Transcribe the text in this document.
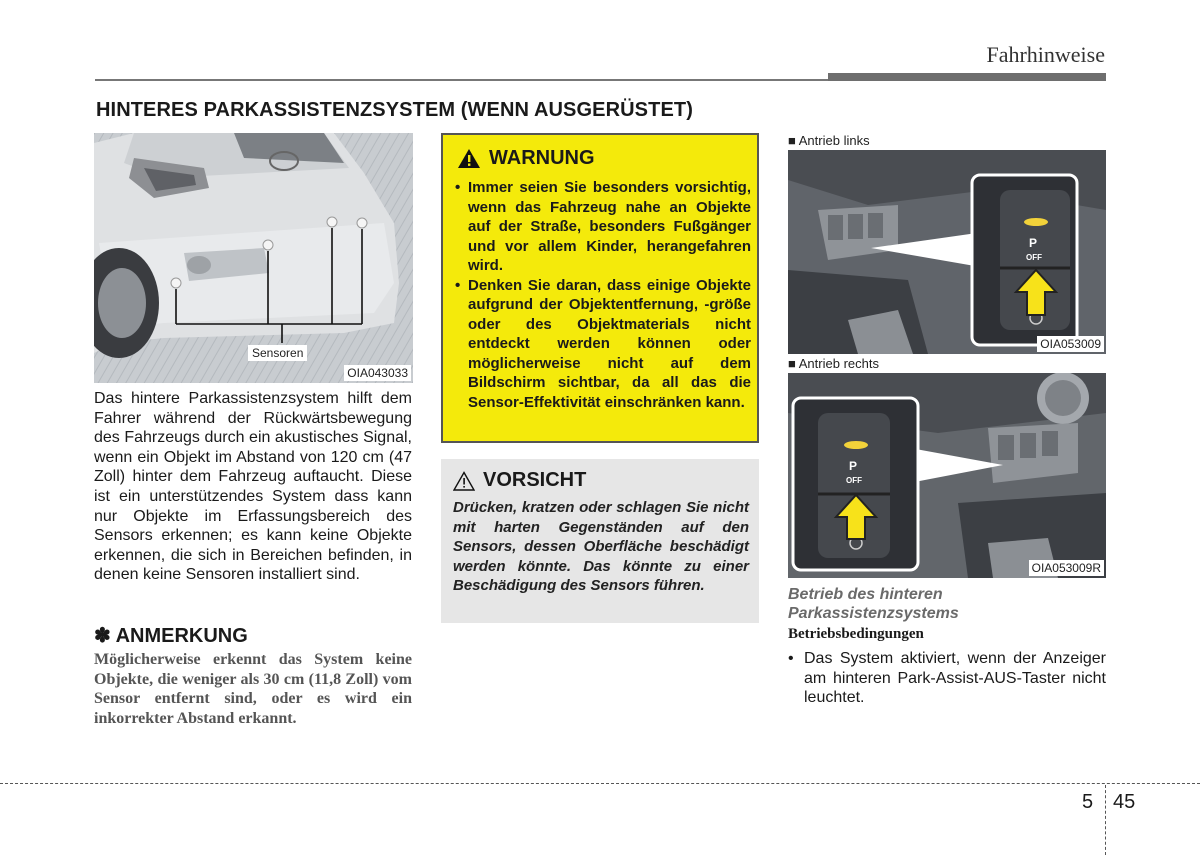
Fahrhinweise
HINTERES PARKASSISTENZSYSTEM (WENN AUSGERÜSTET)
Sensoren
OIA043033
Das hintere Parkassistenzsystem hilft dem Fahrer während der Rückwärtsbewegung des Fahrzeugs durch ein akustisches Signal, wenn ein Objekt im Abstand von 120 cm (47 Zoll) hinter dem Fahrzeug auftaucht. Diese ist ein unterstützendes System dass kann nur Objekte im Erfassungsbereich des Sensors erkennen; es kann keine Objekte erkennen, die sich in Bereichen befinden, in denen keine Sensoren installiert sind.
✽ ANMERKUNG
Möglicherweise erkennt das System keine Objekte, die weniger als 30 cm (11,8 Zoll) vom Sensor entfernt sind, oder es wird ein inkorrekter Abstand erkannt.
WARNUNG
• Immer seien Sie besonders vorsichtig, wenn das Fahrzeug nahe an Objekte auf der Straße, besonders Fußgänger und vor allem Kinder, herangefahren wird.
• Denken Sie daran, dass einige Objekte aufgrund der Objektentfernung, -größe oder des Objektmaterials nicht entdeckt werden können oder möglicherweise nicht auf dem Bildschirm sichtbar, da all das die Sensor-Effektivität einschränken kann.
VORSICHT
Drücken, kratzen oder schlagen Sie nicht mit harten Gegenständen auf den Sensors, dessen Oberfläche beschädigt werden könnte. Das könnte zu einer Beschädigung des Sensors führen.
■ Antrieb links
P
OFF
OIA053009
■ Antrieb rechts
P
OFF
OIA053009R
Betrieb des hinteren
Parkassistenzsystems
Betriebsbedingungen
• Das System aktiviert, wenn der Anzeiger am hinteren Park-Assist-AUS-Taster nicht leuchtet.
5 45
